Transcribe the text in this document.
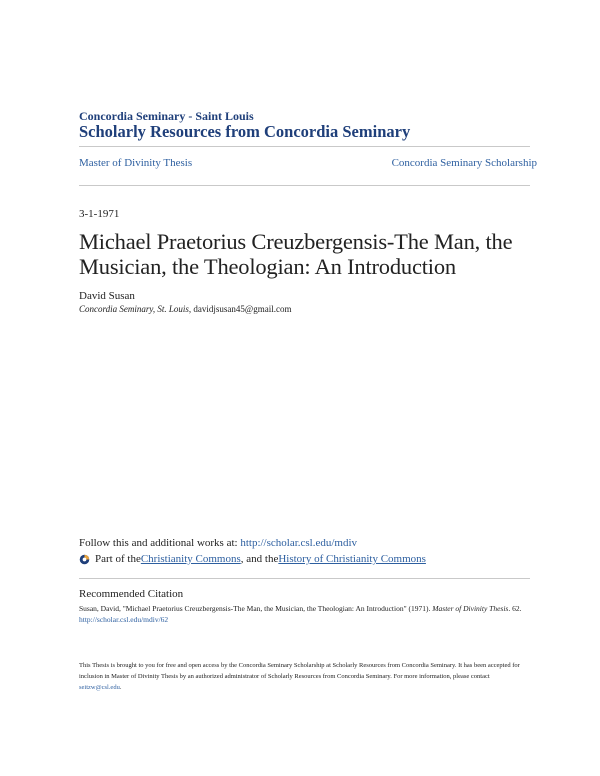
Concordia Seminary - Saint Louis
Scholarly Resources from Concordia Seminary
Master of Divinity Thesis	Concordia Seminary Scholarship
3-1-1971
Michael Praetorius Creuzbergensis-The Man, the Musician, the Theologian: An Introduction
David Susan
Concordia Seminary, St. Louis, davidjsusan45@gmail.com
Follow this and additional works at: http://scholar.csl.edu/mdiv
Part of the Christianity Commons , and the History of Christianity Commons
Recommended Citation
Susan, David, "Michael Praetorius Creuzbergensis-The Man, the Musician, the Theologian: An Introduction" (1971). Master of Divinity Thesis. 62.
http://scholar.csl.edu/mdiv/62
This Thesis is brought to you for free and open access by the Concordia Seminary Scholarship at Scholarly Resources from Concordia Seminary. It has been accepted for inclusion in Master of Divinity Thesis by an authorized administrator of Scholarly Resources from Concordia Seminary. For more information, please contact seitzw@csl.edu.
